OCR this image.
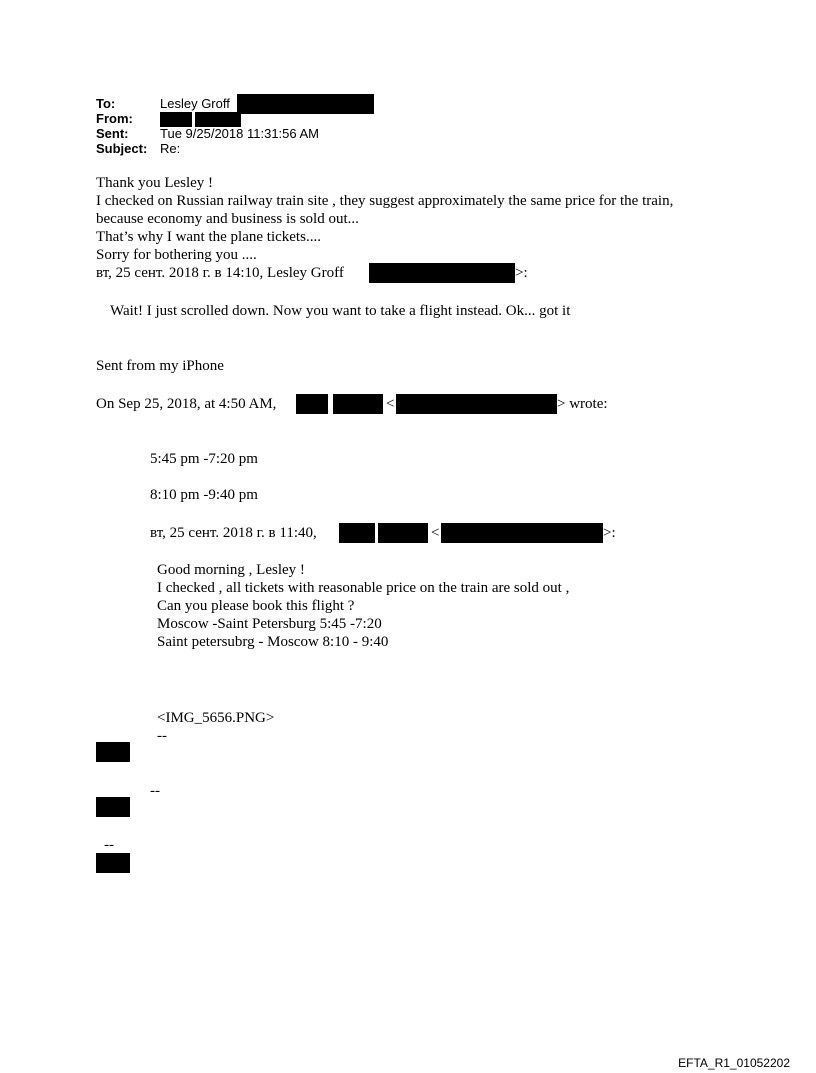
To:	Lesley Groff
From:
Sent: Tue 9/25/2018 11:31:56 AM
Subject: Re:
Thank you Lesley !
I checked on Russian railway train site , they suggest approximately the same price for the train,
because economy and business is sold out...
That’s why I want the plane tickets....
Sorry for bothering you ....
вт, 25 сент. 2018 г. в 14:10, Lesley Groff	>:
Wait! I just scrolled down. Now you want to take a flight instead. Ok... got it
Sent from my iPhone
On Sep 25, 2018, at 4:50 AM,	<	> wrote:
5:45 pm -7:20 pm
8:10 pm -9:40 pm
вт, 25 сент. 2018 г. в 11:40,	<	>:
Good morning , Lesley !
I checked , all tickets with reasonable price on the train are sold out ,
Can you please book this flight ?
Moscow -Saint Petersburg 5:45 -7:20
Saint petersubrg - Moscow 8:10 - 9:40
<IMG_5656.PNG>
--
--
--
EFTA_R1_01052202
